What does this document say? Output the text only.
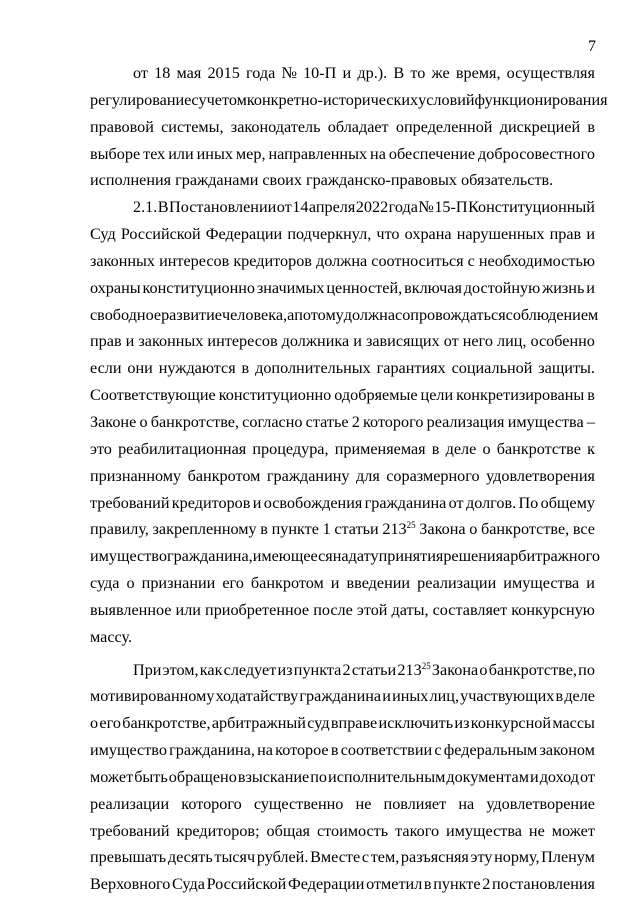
7
от 18 мая 2015 года № 10-П и др.). В то же время, осуществляя
регулирование с учетом конкретно-исторических условий функционирования
правовой системы, законодатель обладает определенной дискрецией в
выборе тех или иных мер, направленных на обеспечение добросовестного
исполнения гражданами своих гражданско-правовых обязательств.
2.1. В Постановлении от 14 апреля 2022 года № 15-П Конституционный
Суд Российской Федерации подчеркнул, что охрана нарушенных прав и
законных интересов кредиторов должна соотноситься с необходимостью
охраны конституционно значимых ценностей, включая достойную жизнь и
свободное развитие человека, а потому должна сопровождаться соблюдением
прав и законных интересов должника и зависящих от него лиц, особенно
если они нуждаются в дополнительных гарантиях социальной защиты.
Соответствующие конституционно одобряемые цели конкретизированы в
Законе о банкротстве, согласно статье 2 которого реализация имущества –
это реабилитационная процедура, применяемая в деле о банкротстве к
признанному банкротом гражданину для соразмерного удовлетворения
требований кредиторов и освобождения гражданина от долгов. По общему
правилу, закрепленному в пункте 1 статьи $213^{25}$ Закона о банкротстве, все
имущество гражданина, имеющееся на дату принятия решения арбитражного
суда о признании его банкротом и введении реализации имущества и
выявленное или приобретенное после этой даты, составляет конкурсную
массу.
При этом, как следует из пункта 2 статьи $213^{25}$ Закона о банкротстве, по
мотивированному ходатайству гражданина и иных лиц, участвующих в деле
о его банкротстве, арбитражный суд вправе исключить из конкурсной массы
имущество гражданина, на которое в соответствии с федеральным законом
может быть обращено взыскание по исполнительным документам и доход от
реализации которого существенно не повлияет на удовлетворение
требований кредиторов; общая стоимость такого имущества не может
превышать десять тысяч рублей. Вместе с тем, разъясняя эту норму, Пленум
Верховного Суда Российской Федерации отметил в пункте 2 постановления
